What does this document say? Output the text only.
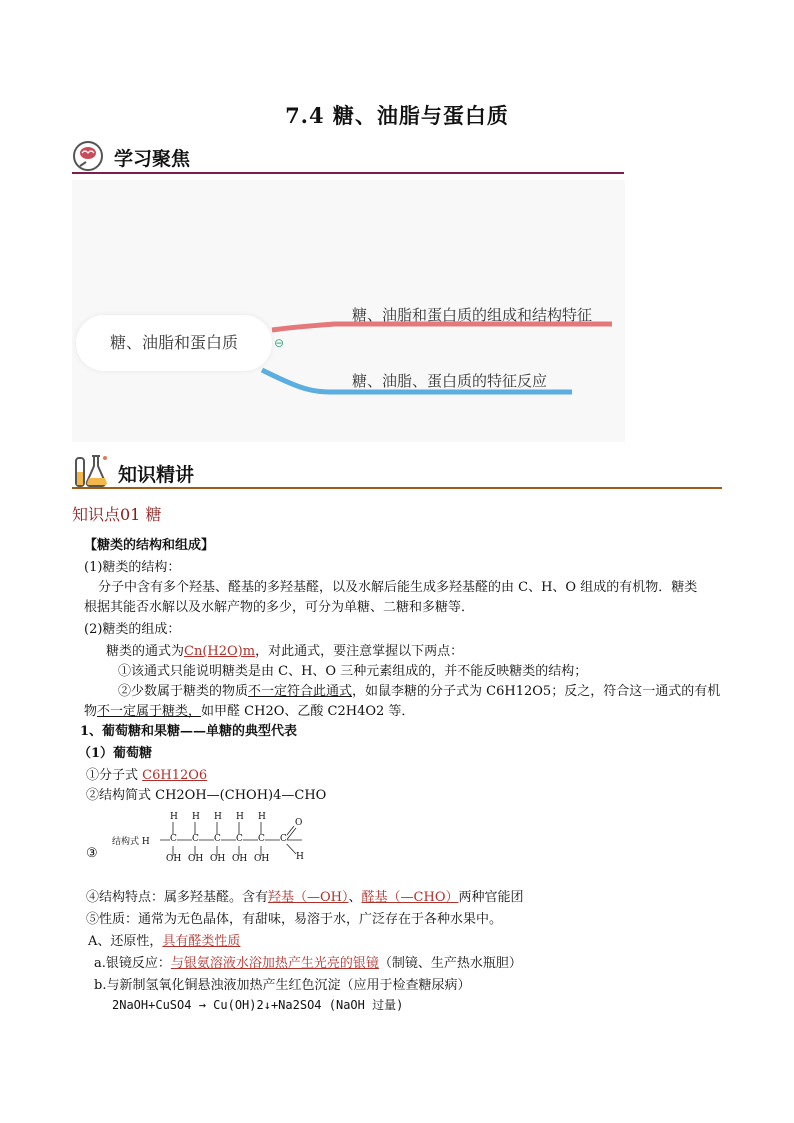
7.4 糖、油脂与蛋白质
学习聚焦
糖、油脂和蛋白质
糖、油脂和蛋白质的组成和结构特征
糖、油脂、蛋白质的特征反应
⊖
知识精讲
知识点01 糖
【糖类的结构和组成】
(1)糖类的结构：
分子中含有多个羟基、醛基的多羟基醛，以及水解后能生成多羟基醛的由 C、H、O 组成的有机物．糖类
根据其能否水解以及水解产物的多少，可分为单糖、二糖和多糖等．
(2)糖类的组成：
糖类的通式为Cn(H2O)m，对此通式，要注意掌握以下两点：
①该通式只能说明糖类是由 C、H、O 三种元素组成的，并不能反映糖类的结构；
②少数属于糖类的物质不一定符合此通式，如鼠李糖的分子式为 C6H12O5；反之，符合这一通式的有机
物不一定属于糖类，如甲醛 CH2O、乙酸 C2H4O2 等．
1、葡萄糖和果糖——单糖的典型代表
（1）葡萄糖
①分子式 C6H12O6
②结构简式 CH2OH—(CHOH)4—CHO
③
结构式 H
H H H H H
C C C C C C
OH OH OH OH OH
O
H
④结构特点：属多羟基醛。含有羟基（—OH）、醛基（—CHO）两种官能团
⑤性质：通常为无色晶体，有甜味，易溶于水，广泛存在于各种水果中。
A、还原性，具有醛类性质
a.银镜反应：与银氨溶液水浴加热产生光亮的银镜（制镜、生产热水瓶胆）
b.与新制氢氧化铜悬浊液加热产生红色沉淀（应用于检查糖尿病）
2NaOH+CuSO4 → Cu(OH)2↓+Na2SO4 (NaOH 过量)
